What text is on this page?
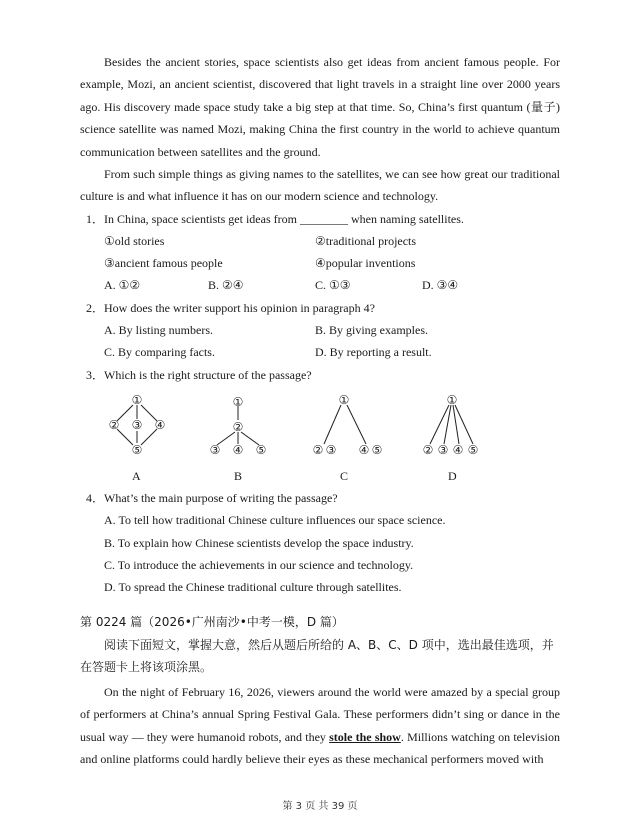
Besides the ancient stories, space scientists also get ideas from ancient famous people. For example, Mozi, an ancient scientist, discovered that light travels in a straight line over 2000 years ago. His discovery made space study take a big step at that time. So, China’s first quantum (量子) science satellite was named Mozi, making China the first country in the world to achieve quantum communication between satellites and the ground.

From such simple things as giving names to the satellites, we can see how great our traditional culture is and what influence it has on our modern science and technology.

1．In China, space scientists get ideas from ________ when naming satellites.
①old stories	②traditional projects
③ancient famous people	④popular inventions
A. ①②	B. ②④	C. ①③	D. ③④
2．How does the writer support his opinion in paragraph 4?
A. By listing numbers.	B. By giving examples.
C. By comparing facts.	D. By reporting a result.
3．Which is the right structure of the passage?
①
② ③ ④
⑤
①
②
③ ④ ⑤
①
② ③ ④ ⑤
①
② ③ ④ ⑤
A	B	C	D
4．What’s the main purpose of writing the passage?
A. To tell how traditional Chinese culture influences our space science.
B. To explain how Chinese scientists develop the space industry.
C. To introduce the achievements in our science and technology.
D. To spread the Chinese traditional culture through satellites.
第 0224 篇（2026•广州南沙•中考一模，D 篇）

阅读下面短文，掌握大意，然后从题后所给的 A、B、C、D 项中，选出最佳选项，并在答题卡上将该项涂黑。

On the night of February 16, 2026, viewers around the world were amazed by a special group of performers at China’s annual Spring Festival Gala. These performers didn’t sing or dance in the usual way — they were humanoid robots, and they stole the show. Millions watching on television and online platforms could hardly believe their eyes as these mechanical performers moved with

第 3 页 共 39 页
